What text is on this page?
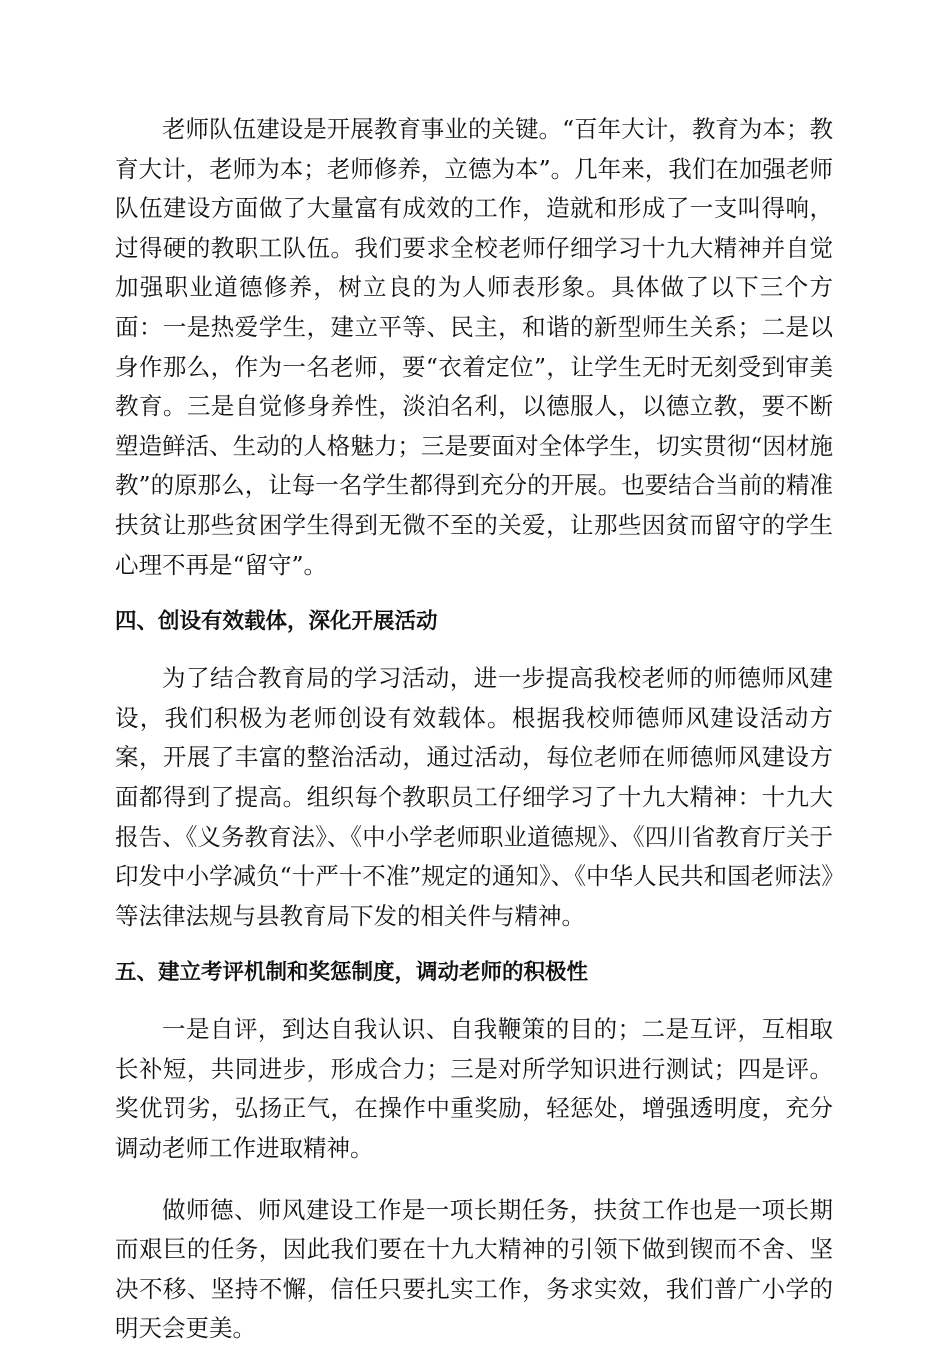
老师队伍建设是开展教育事业的关键。“百年大计，教育为本；教育大计，老师为本；老师修养，立德为本”。几年来，我们在加强老师队伍建设方面做了大量富有成效的工作，造就和形成了一支叫得响，过得硬的教职工队伍。我们要求全校老师仔细学习十九大精神并自觉加强职业道德修养，树立良的为人师表形象。具体做了以下三个方面：一是热爱学生，建立平等、民主，和谐的新型师生关系；二是以身作那么，作为一名老师，要“衣着定位”，让学生无时无刻受到审美教育。三是自觉修身养性，淡泊名利，以德服人，以德立教，要不断塑造鲜活、生动的人格魅力；三是要面对全体学生，切实贯彻“因材施教”的原那么，让每一名学生都得到充分的开展。也要结合当前的精准扶贫让那些贫困学生得到无微不至的关爱，让那些因贫而留守的学生心理不再是“留守”。

四、创设有效载体，深化开展活动

为了结合教育局的学习活动，进一步提高我校老师的师德师风建设，我们积极为老师创设有效载体。根据我校师德师风建设活动方案，开展了丰富的整治活动，通过活动，每位老师在师德师风建设方面都得到了提高。组织每个教职员工仔细学习了十九大精神：十九大报告、《义务教育法》、《中小学老师职业道德规》、《四川省教育厅关于印发中小学减负“十严十不准”规定的通知》、《中华人民共和国老师法》等法律法规与县教育局下发的相关件与精神。

五、建立考评机制和奖惩制度，调动老师的积极性

一是自评，到达自我认识、自我鞭策的目的；二是互评，互相取长补短，共同进步，形成合力；三是对所学知识进行测试；四是评。奖优罚劣，弘扬正气，在操作中重奖励，轻惩处，增强透明度，充分调动老师工作进取精神。

做师德、师风建设工作是一项长期任务，扶贫工作也是一项长期而艰巨的任务，因此我们要在十九大精神的引领下做到锲而不舍、坚决不移、坚持不懈，信任只要扎实工作，务求实效，我们普广小学的明天会更美。
